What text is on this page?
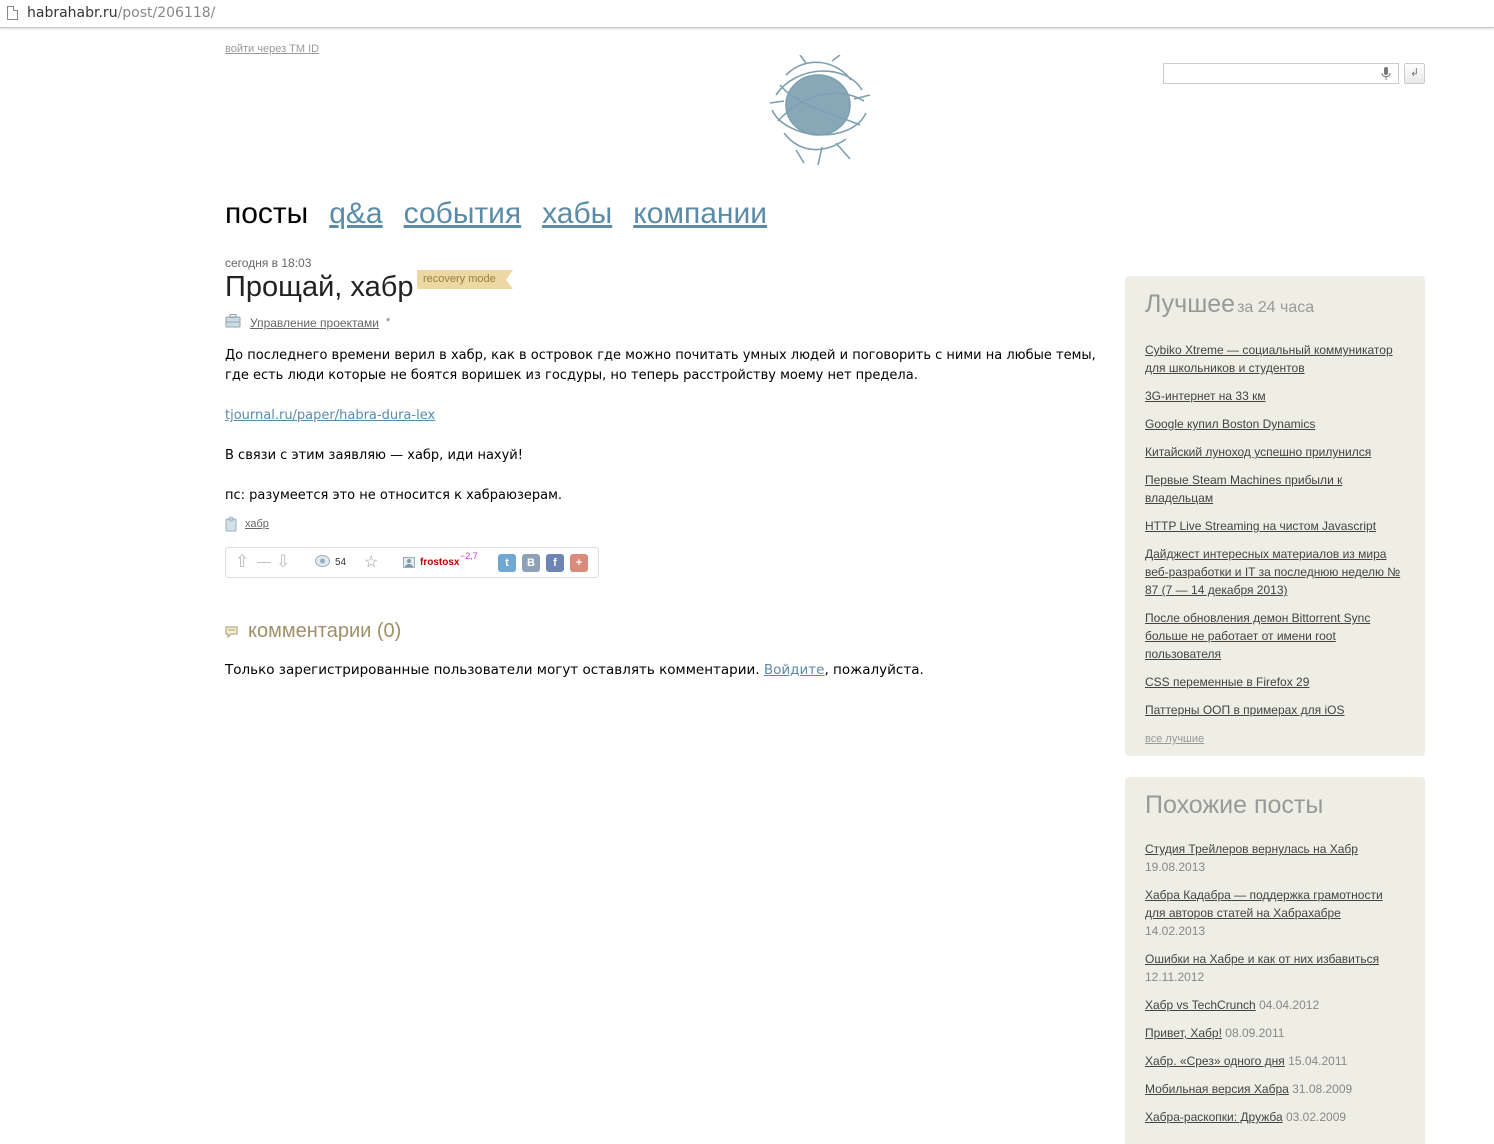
habrahabr.ru/post/206118/
войти через TM ID
↲
посты q&a события хабы компании
сегодня в 18:03
Прощай, хабр recovery mode
Управление проектами *

До последнего времени верил в хабр, как в островок где можно почитать умных людей и поговорить с ними на любые темы, где есть люди которые не боятся воришек из госдуры, но теперь расстройству моему нет предела.

tjournal.ru/paper/habra-dura-lex

В связи с этим заявляю — хабр, иди нахуй!

пс: разумеется это не относится к хабраюзерам.

хабр
⇧ — ⇩	54 ☆	frostosx
−2,7
t	B	f	+
комментарии (0)
Только зарегистрированные пользователи могут оставлять комментарии. Войдите, пожалуйста.
Лучшее за 24 часа
Cybiko Xtreme — социальный коммуникатор для школьников и студентов
3G-интернет на 33 км
Google купил Boston Dynamics
Китайский луноход успешно прилунился
Первые Steam Machines прибыли к владельцам
HTTP Live Streaming на чистом Javascript
Дайджест интересных материалов из мира веб-разработки и IT за последнюю неделю № 87 (7 — 14 декабря 2013)
После обновления демон Bittorrent Sync больше не работает от имени root пользователя
CSS переменные в Firefox 29
Паттерны ООП в примерах для iOS
все лучшие
Похожие посты
Студия Трейлеров вернулась на Хабр
19.08.2013
Хабра Кадабра — поддержка грамотности для авторов статей на Хабрахабре
14.02.2013
Ошибки на Хабре и как от них избавиться
12.11.2012
Хабр vs TechCrunch 04.04.2012
Привет, Хабр! 08.09.2011
Хабр. «Срез» одного дня 15.04.2011
Мобильная версия Хабра 31.08.2009
Хабра-раскопки: Дружба 03.02.2009
